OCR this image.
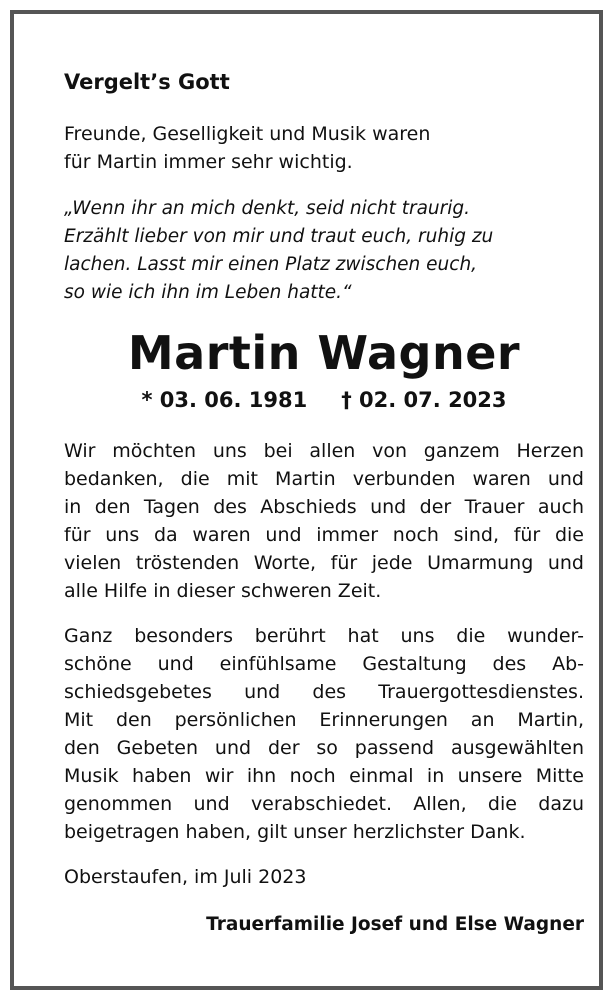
Vergelt’s Gott
Freunde, Geselligkeit und Musik waren
für Martin immer sehr wichtig.
„Wenn ihr an mich denkt, seid nicht traurig.
Erzählt lieber von mir und traut euch, ruhig zu
lachen. Lasst mir einen Platz zwischen euch,
so wie ich ihn im Leben hatte.“
Martin Wagner
* 03. 06. 1981 † 02. 07. 2023
Wir möchten uns bei allen von ganzem Herzen
bedanken, die mit Martin verbunden waren und
in den Tagen des Abschieds und der Trauer auch
für uns da waren und immer noch sind, für die
vielen tröstenden Worte, für jede Umarmung und
alle Hilfe in dieser schweren Zeit.
Ganz besonders berührt hat uns die wunder-
schöne und einfühlsame Gestaltung des Ab-
schiedsgebetes und des Trauergottesdienstes.
Mit den persönlichen Erinnerungen an Martin,
den Gebeten und der so passend ausgewählten
Musik haben wir ihn noch einmal in unsere Mitte
genommen und verabschiedet. Allen, die dazu
beigetragen haben, gilt unser herzlichster Dank.
Oberstaufen, im Juli 2023
Trauerfamilie Josef und Else Wagner
